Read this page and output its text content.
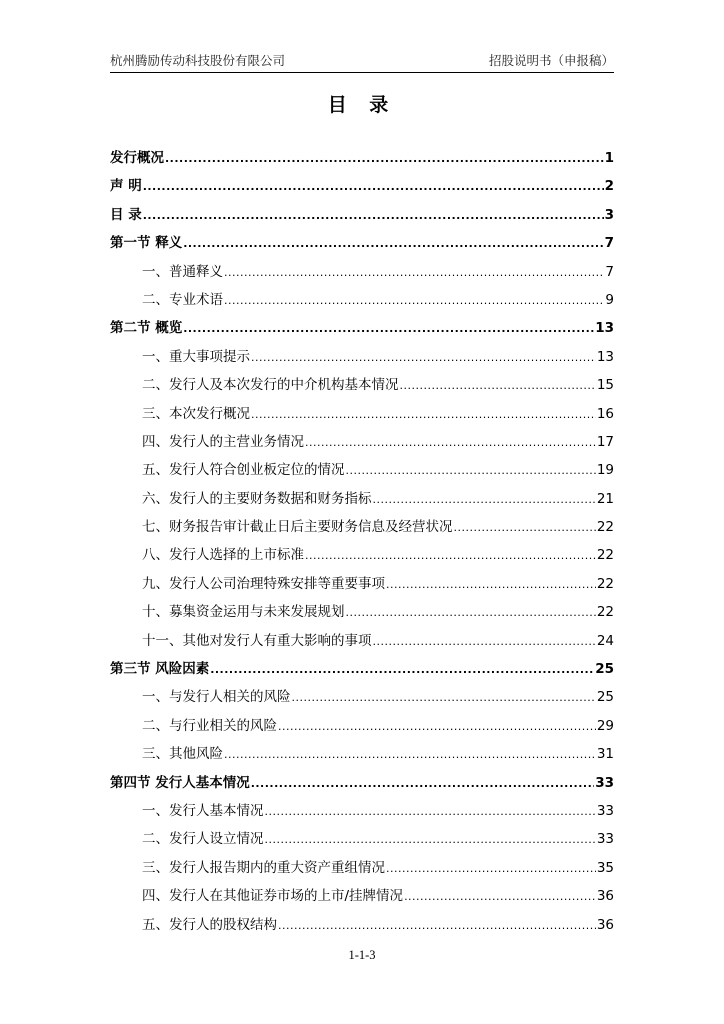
杭州腾励传动科技股份有限公司	招股说明书（申报稿）
目 录
发行概况 .....	1
声 明 .....	2
目 录 .....	3
第一节 释义 .....	7
一、普通释义 .....	7
二、专业术语 .....	9
第二节 概览 .....	13
一、重大事项提示 .....	13
二、发行人及本次发行的中介机构基本情况 .....	15
三、本次发行概况 .....	16
四、发行人的主营业务情况 .....	17
五、发行人符合创业板定位的情况 .....	19
六、发行人的主要财务数据和财务指标 .....	21
七、财务报告审计截止日后主要财务信息及经营状况 .....	22
八、发行人选择的上市标准 .....	22
九、发行人公司治理特殊安排等重要事项 .....	22
十、募集资金运用与未来发展规划 .....	22
十一、其他对发行人有重大影响的事项 .....	24
第三节 风险因素 .....	25
一、与发行人相关的风险 .....	25
二、与行业相关的风险 .....	29
三、其他风险 .....	31
第四节 发行人基本情况 .....	33
一、发行人基本情况 .....	33
二、发行人设立情况 .....	33
三、发行人报告期内的重大资产重组情况 .....	35
四、发行人在其他证券市场的上市/挂牌情况 .....	36
五、发行人的股权结构 .....	36
1-1-3
